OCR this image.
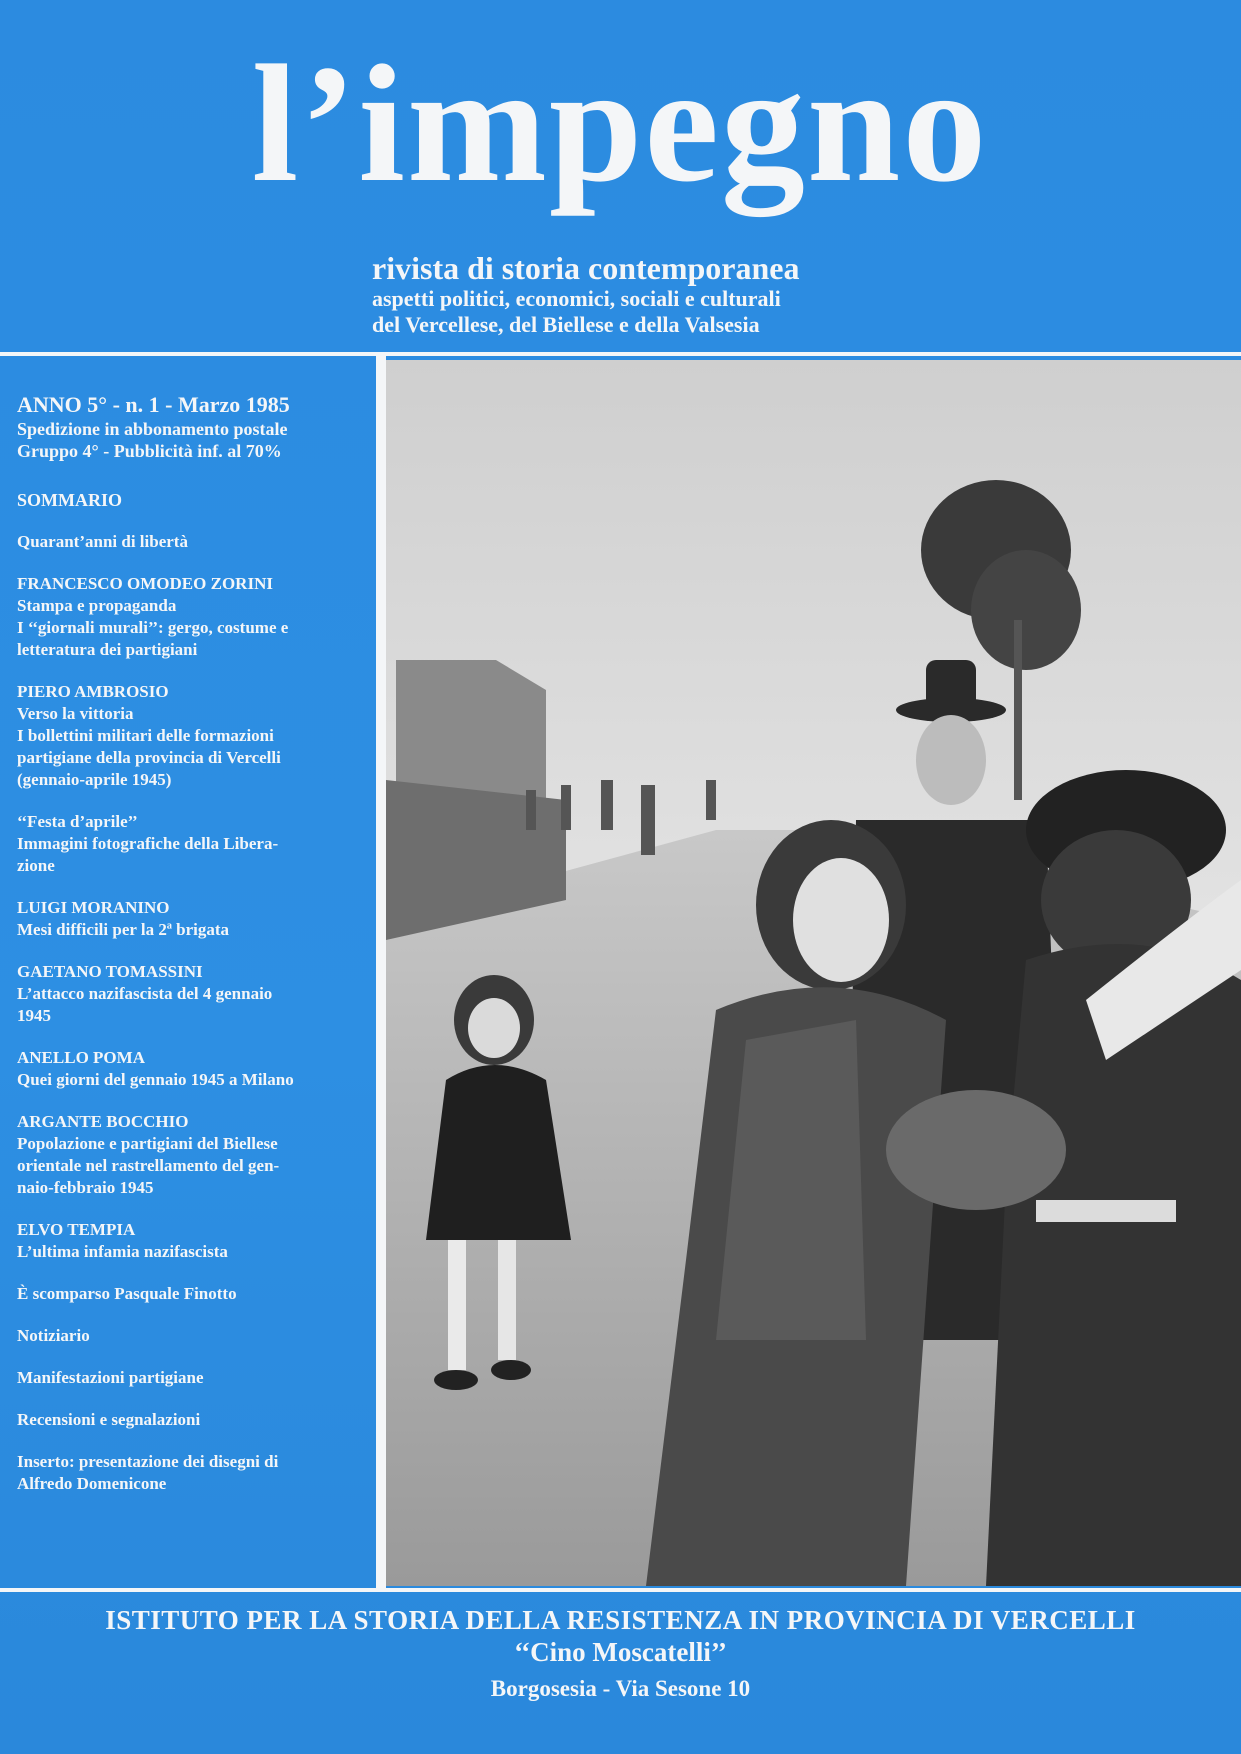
l’impegno
rivista di storia contemporanea
aspetti politici, economici, sociali e culturali
del Vercellese, del Biellese e della Valsesia
ANNO 5° - n. 1 - Marzo 1985
Spedizione in abbonamento postale
Gruppo 4° - Pubblicità inf. al 70%
SOMMARIO
Quarant’anni di libertà
FRANCESCO OMODEO ZORINI
Stampa e propaganda
I ‘‘giornali murali’’: gergo, costume e
letteratura dei partigiani
PIERO AMBROSIO
Verso la vittoria
I bollettini militari delle formazioni
partigiane della provincia di Vercelli
(gennaio-aprile 1945)
‘‘Festa d’aprile’’
Immagini fotografiche della Libera-
zione
LUIGI MORANINO
Mesi difficili per la 2ª brigata
GAETANO TOMASSINI
L’attacco nazifascista del 4 gennaio
1945
ANELLO POMA
Quei giorni del gennaio 1945 a Milano
ARGANTE BOCCHIO
Popolazione e partigiani del Biellese
orientale nel rastrellamento del gen-
naio-febbraio 1945
ELVO TEMPIA
L’ultima infamia nazifascista
È scomparso Pasquale Finotto
Notiziario
Manifestazioni partigiane
Recensioni e segnalazioni
Inserto: presentazione dei disegni di
Alfredo Domenicone
ISTITUTO PER LA STORIA DELLA RESISTENZA IN PROVINCIA DI VERCELLI
‘‘Cino Moscatelli’’
Borgosesia - Via Sesone 10
